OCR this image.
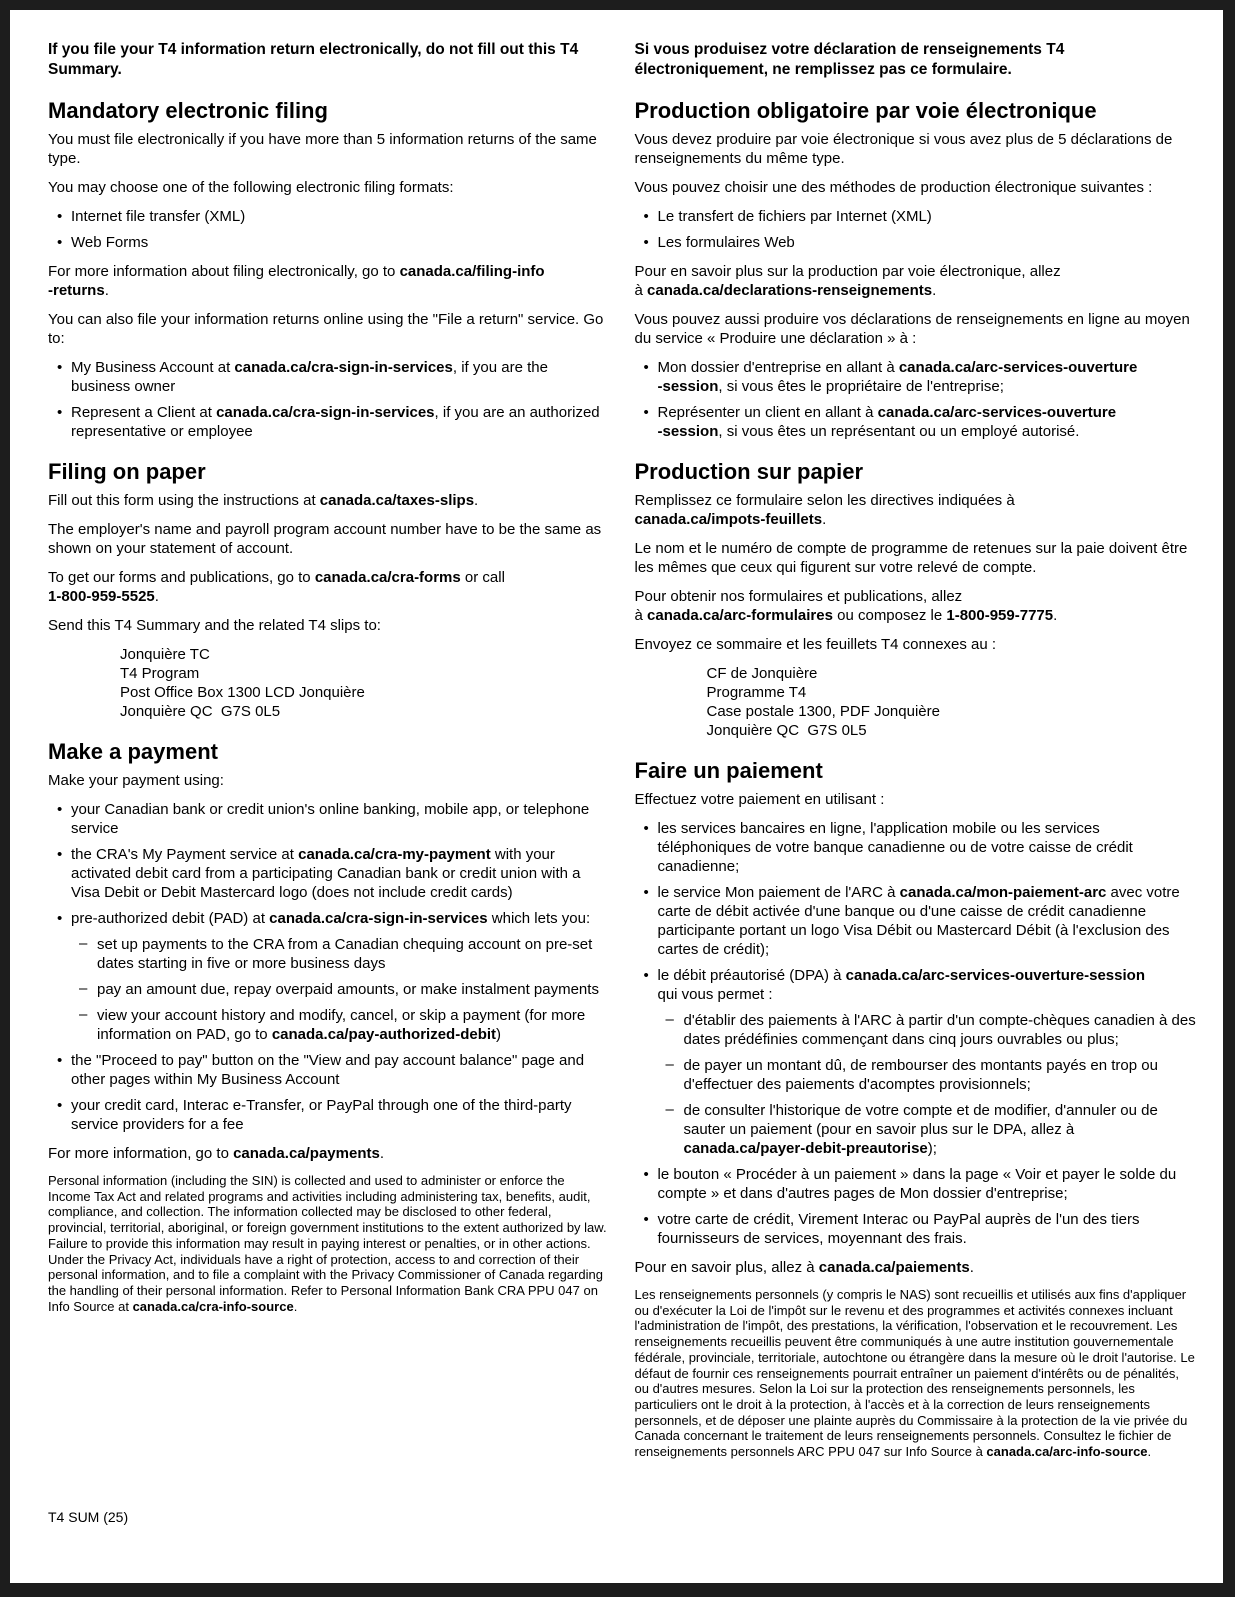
If you file your T4 information return electronically, do not fill out this T4 Summary.

Mandatory electronic filing

You must file electronically if you have more than 5 information returns of the same type.

You may choose one of the following electronic filing formats:

• Internet file transfer (XML)
• Web Forms

For more information about filing electronically, go to canada.ca/filing-info
-returns.

You can also file your information returns online using the "File a return" service. Go to:

• My Business Account at canada.ca/cra-sign-in-services, if you are the business owner
• Represent a Client at canada.ca/cra-sign-in-services, if you are an authorized representative or employee
Filing on paper

Fill out this form using the instructions at canada.ca/taxes-slips.

The employer's name and payroll program account number have to be the same as shown on your statement of account.

To get our forms and publications, go to canada.ca/cra-forms or call
1-800-959-5525.

Send this T4 Summary and the related T4 slips to:

Jonquière TC
T4 Program
Post Office Box 1300 LCD Jonquière
Jonquière QC  G7S 0L5
Make a payment

Make your payment using:

• your Canadian bank or credit union's online banking, mobile app, or telephone service
• the CRA's My Payment service at canada.ca/cra-my-payment with your activated debit card from a participating Canadian bank or credit union with a Visa Debit or Debit Mastercard logo (does not include credit cards)
• pre-authorized debit (PAD) at canada.ca/cra-sign-in-services which lets you:
– set up payments to the CRA from a Canadian chequing account on pre-set dates starting in five or more business days
– pay an amount due, repay overpaid amounts, or make instalment payments
– view your account history and modify, cancel, or skip a payment (for more information on PAD, go to canada.ca/pay-authorized-debit)
• the "Proceed to pay" button on the "View and pay account balance" page and other pages within My Business Account
• your credit card, Interac e-Transfer, or PayPal through one of the third-party service providers for a fee

For more information, go to canada.ca/payments.

Personal information (including the SIN) is collected and used to administer or enforce the Income Tax Act and related programs and activities including administering tax, benefits, audit, compliance, and collection. The information collected may be disclosed to other federal, provincial, territorial, aboriginal, or foreign government institutions to the extent authorized by law. Failure to provide this information may result in paying interest or penalties, or in other actions. Under the Privacy Act, individuals have a right of protection, access to and correction of their personal information, and to file a complaint with the Privacy Commissioner of Canada regarding the handling of their personal information. Refer to Personal Information Bank CRA PPU 047 on Info Source at canada.ca/cra-info-source.

Si vous produisez votre déclaration de renseignements T4 électroniquement, ne remplissez pas ce formulaire.

Production obligatoire par voie électronique

Vous devez produire par voie électronique si vous avez plus de 5 déclarations de renseignements du même type.

Vous pouvez choisir une des méthodes de production électronique suivantes :

• Le transfert de fichiers par Internet (XML)
• Les formulaires Web

Pour en savoir plus sur la production par voie électronique, allez
à canada.ca/declarations-renseignements.

Vous pouvez aussi produire vos déclarations de renseignements en ligne au moyen du service « Produire une déclaration » à :

• Mon dossier d'entreprise en allant à canada.ca/arc-services-ouverture
-session, si vous êtes le propriétaire de l'entreprise;
• Représenter un client en allant à canada.ca/arc-services-ouverture
-session, si vous êtes un représentant ou un employé autorisé.
Production sur papier

Remplissez ce formulaire selon les directives indiquées à
canada.ca/impots-feuillets.

Le nom et le numéro de compte de programme de retenues sur la paie doivent être les mêmes que ceux qui figurent sur votre relevé de compte.

Pour obtenir nos formulaires et publications, allez
à canada.ca/arc-formulaires ou composez le 1-800-959-7775.

Envoyez ce sommaire et les feuillets T4 connexes au :

CF de Jonquière
Programme T4
Case postale 1300, PDF Jonquière
Jonquière QC  G7S 0L5
Faire un paiement

Effectuez votre paiement en utilisant :

• les services bancaires en ligne, l'application mobile ou les services téléphoniques de votre banque canadienne ou de votre caisse de crédit canadienne;
• le service Mon paiement de l'ARC à canada.ca/mon-paiement-arc avec votre carte de débit activée d'une banque ou d'une caisse de crédit canadienne participante portant un logo Visa Débit ou Mastercard Débit (à l'exclusion des cartes de crédit);
• le débit préautorisé (DPA) à canada.ca/arc-services-ouverture-session
qui vous permet :
– d'établir des paiements à l'ARC à partir d'un compte-chèques canadien à des dates prédéfinies commençant dans cinq jours ouvrables ou plus;
– de payer un montant dû, de rembourser des montants payés en trop ou d'effectuer des paiements d'acomptes provisionnels;
– de consulter l'historique de votre compte et de modifier, d'annuler ou de sauter un paiement (pour en savoir plus sur le DPA, allez à
canada.ca/payer-debit-preautorise);
• le bouton « Procéder à un paiement » dans la page « Voir et payer le solde du compte » et dans d'autres pages de Mon dossier d'entreprise;
• votre carte de crédit, Virement Interac ou PayPal auprès de l'un des tiers fournisseurs de services, moyennant des frais.

Pour en savoir plus, allez à canada.ca/paiements.

Les renseignements personnels (y compris le NAS) sont recueillis et utilisés aux fins d'appliquer ou d'exécuter la Loi de l'impôt sur le revenu et des programmes et activités connexes incluant l'administration de l'impôt, des prestations, la vérification, l'observation et le recouvrement. Les renseignements recueillis peuvent être communiqués à une autre institution gouvernementale fédérale, provinciale, territoriale, autochtone ou étrangère dans la mesure où le droit l'autorise. Le défaut de fournir ces renseignements pourrait entraîner un paiement d'intérêts ou de pénalités, ou d'autres mesures. Selon la Loi sur la protection des renseignements personnels, les particuliers ont le droit à la protection, à l'accès et à la correction de leurs renseignements personnels, et de déposer une plainte auprès du Commissaire à la protection de la vie privée du Canada concernant le traitement de leurs renseignements personnels. Consultez le fichier de renseignements personnels ARC PPU 047 sur Info Source à canada.ca/arc-info-source.

T4 SUM (25)
